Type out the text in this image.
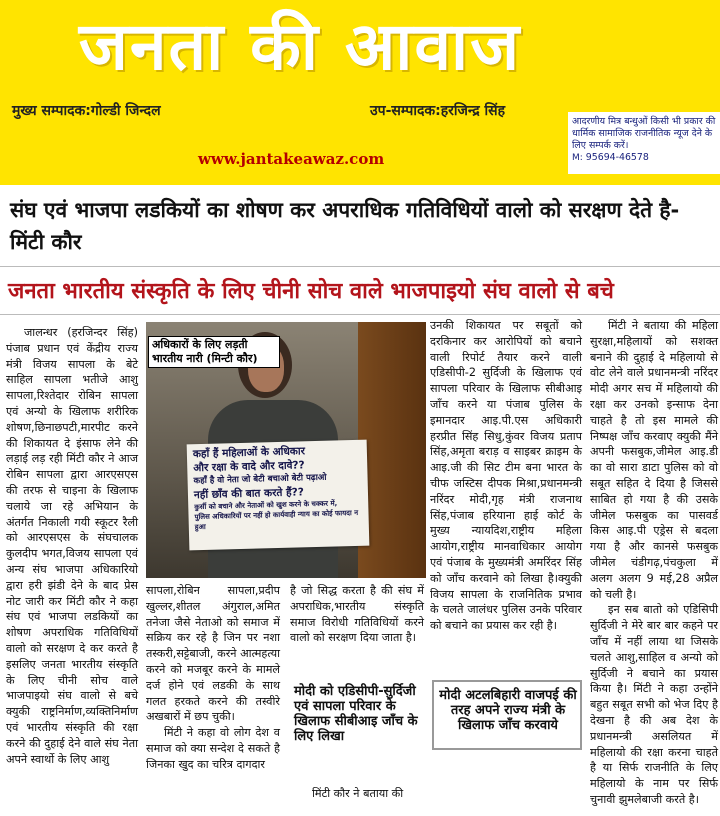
जनता की आवाज
मुख्य सम्पादक:गोल्डी जिन्दल	उप-सम्पादक:हरजिन्द्र सिंह
www.jantakeawaz.com

आदरणीय मित्र बन्धुओं किसी भी प्रकार की धार्मिक सामाजिक राजनीतिक न्यूज देने के लिए सम्पर्क करें।

M: 95694-46578

संघ एवं भाजपा लडकियों का शोषण कर अपराधिक गतिविधियों वालो को सरक्षण देते है-मिंटी कौर
जनता भारतीय संस्कृति के लिए चीनी सोच वाले भाजपाइयो संघ वालो से बचे

जालन्धर (हरजिन्दर सिंह) पंजाब प्रधान एवं केंद्रीय राज्य मंत्री विजय सापला के बेटे साहिल सापला भतीजे आशु सापला,रिश्तेदार रोबिन सापला एवं अन्यो के खिलाफ शरीरिक शोषण,छिनाछपटी,मारपीट करने की शिकायत दे इंसाफ लेने की लड़ाई लड़ रही मिंटी कौर ने आज रोबिन सापला द्वारा आरएसएस की तरफ से चाइना के खिलाफ चलाये जा रहे अभियान के अंतर्गत निकाली गयी स्कूटर रैली को आरएसएस के संघचालक कुलदीप भगत,विजय सापला एवं अन्य संघ भाजपा अधिकारियो द्वारा हरी झंडी देने के बाद प्रेस नोट जारी कर मिंटी कौर ने कहा संघ एवं भाजपा लडकियों का शोषण अपराधिक गतिविधियों वालो को सरक्षण दे कर करते है इसलिए जनता भारतीय संस्कृति के लिए चीनी सोच वाले भाजपाइयो संघ वालो से बचे क्युकी राष्ट्रनिर्माण,व्यक्तिनिर्माण एवं भारतीय संस्कृति की रक्षा करने की दुहाई देने वाले संघ नेता अपने स्वार्थो के लिए आशु

अधिकारों के लिए लड़ती भारतीय नारी (मिन्टी कौर)

कहाँ हैं महिलाओं के अधिकार

और रक्षा के वादे और दावे??

कहाँ है वो नेता जो बेटी बचाओ बेटी पढ़ाओ

नहीं छाँव की बात करते हैं??

कुर्सी को बचाने और नेताओं को खुश करने के चक्कर में,

पुलिस अधिकारियों पर नहीं हो कार्यवाही न्याय का कोई फायदा न हुआ

सापला,रोबिन सापला,प्रदीप खुल्लर,शीतल अंगुराल,अमित तनेजा जैसे नेताओ को समाज में सक्रिय कर रहे है जिन पर नशा तस्करी,सट्टेबाजी, करने आत्महत्या करने को मजबूर करने के मामले दर्ज होने एवं लडकी के साथ गलत हरकते करने की तस्वीरे अखबारों में छप चुकी।

मिंटी ने कहा वो लोग देश व समाज को क्या सन्देश दे सकते है जिनका खुद का चरित्र दागदार

है जो सिद्ध करता है की संघ में अपराधिक,भारतीय संस्कृति समाज विरोधी गतिविधियों करने वालो को सरक्षण दिया जाता है।

मोदी को एडिसीपी-सुर्दिजी एवं सापला परिवार के खिलाफ सीबीआइ जाँच के लिए लिखा

मिंटी कौर ने बताया की

उनकी शिकायत पर सबूतों को दरकिनार कर आरोपियों को बचाने वाली रिपोर्ट तैयार करने वाली एडिसीपी-2 सुर्दिजी के खिलाफ एवं सापला परिवार के खिलाफ सीबीआइ जाँच करने या पंजाब पुलिस के इमानदार आइ.पी.एस अधिकारी हरप्रीत सिंह सिधु,कुंवर विजय प्रताप सिंह,अमृता बराड़ व साइबर क्राइम के आइ.जी की सिट टीम बना भारत के चीफ जस्टिस दीपक मिश्रा,प्रधानमन्त्री नरिंदर मोदी,गृह मंत्री राजनाथ सिंह,पंजाब हरियाना हाई कोर्ट के मुख्य न्यायदिश,राष्ट्रीय महिला आयोग,राष्ट्रीय मानवाधिकार आयोग एवं पंजाब के मुख्यमंत्री अमरिंदर सिंह को जाँच करवाने को लिखा है।क्युकी विजय सापला के राजनितिक प्रभाव के चलते जालंधर पुलिस उनके परिवार को बचाने का प्रयास कर रही है।

मोदी अटलबिहारी वाजपई की तरह अपने राज्य मंत्री के खिलाफ जाँच करवाये

मिंटी ने बताया की महिला सुरक्षा,महिलायों को सशक्त बनाने की दुहाई दे महिलायो से वोट लेने वाले प्रधानमन्त्री नरिंदर मोदी अगर सच में महिलायो की रक्षा कर उनको इन्साफ देना चाहते है तो इस मामले की निष्पक्ष जाँच करवाए क्युकी मैंने अपनी फसबुक,जीमेल आइ.डी का वो सारा डाटा पुलिस को वो सबूत सहित दे दिया है जिससे साबित हो गया है की उसके जीमेल फसबुक का पासवर्ड किस आइ.पी एड्रेस से बदला गया है और कानसे फसबुक जीमेल चंडीगढ़,पंचकुला में अलग अलग 9 मई,28 अप्रैल को चली है।

इन सब बातो को एडिसिपी सुर्दिजी ने मेरे बार बार कहने पर जाँच में नहीं लाया था जिसके चलते आशु,साहिल व अन्यो को सुर्दिजी ने बचाने का प्रयास किया है। मिंटी ने कहा उन्होंने बहुत सबूत सभी को भेज दिए है देखना है की अब देश के प्रधानमन्त्री असलियत में महिलायो की रक्षा करना चाहते है या सिर्फ राजनीति के लिए महिलायो के नाम पर सिर्फ चुनावी झुमलेबाजी करते है।
